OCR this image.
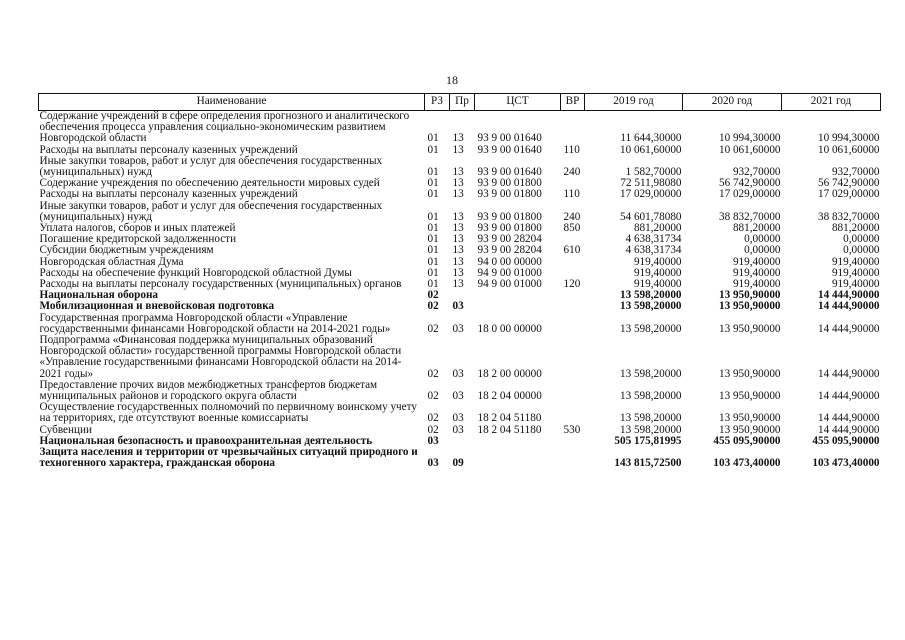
18
Наименование	РЗ	Пр	ЦСТ	ВР	2019 год	2020 год	2021 год
Содержание учреждений в сфере определения прогнозного и аналитического обеспечения процесса управления социально-экономическим развитием Новгородской области	01	13	93 9 00 01640		11 644,30000	10 994,30000	10 994,30000
Расходы на выплаты персоналу казенных учреждений	01	13	93 9 00 01640	110	10 061,60000	10 061,60000	10 061,60000
Иные закупки товаров, работ и услуг для обеспечения государственных (муниципальных) нужд	01	13	93 9 00 01640	240	1 582,70000	932,70000	932,70000
Содержание учреждения по обеспечению деятельности мировых судей	01	13	93 9 00 01800		72 511,98080	56 742,90000	56 742,90000
Расходы на выплаты персоналу казенных учреждений	01	13	93 9 00 01800	110	17 029,00000	17 029,00000	17 029,00000
Иные закупки товаров, работ и услуг для обеспечения государственных (муниципальных) нужд	01	13	93 9 00 01800	240	54 601,78080	38 832,70000	38 832,70000
Уплата налогов, сборов и иных платежей	01	13	93 9 00 01800	850	881,20000	881,20000	881,20000
Погашение кредиторской задолженности	01	13	93 9 00 28204		4 638,31734	0,00000	0,00000
Субсидии бюджетным учреждениям	01	13	93 9 00 28204	610	4 638,31734	0,00000	0,00000
Новгородская областная Дума	01	13	94 0 00 00000		919,40000	919,40000	919,40000
Расходы на обеспечение функций Новгородской областной Думы	01	13	94 9 00 01000		919,40000	919,40000	919,40000
Расходы на выплаты персоналу государственных (муниципальных) органов	01	13	94 9 00 01000	120	919,40000	919,40000	919,40000
Национальная оборона	02				13 598,20000	13 950,90000	14 444,90000
Мобилизационная и вневойсковая подготовка	02	03			13 598,20000	13 950,90000	14 444,90000
Государственная программа Новгородской области «Управление государственными финансами Новгородской области на 2014-2021 годы»	02	03	18 0 00 00000		13 598,20000	13 950,90000	14 444,90000
Подпрограмма «Финансовая поддержка муниципальных образований Новгородской области» государственной программы Новгородской области «Управление государственными финансами Новгородской области на 2014-2021 годы»	02	03	18 2 00 00000		13 598,20000	13 950,90000	14 444,90000
Предоставление прочих видов межбюджетных трансфертов бюджетам муниципальных районов и городского округа области	02	03	18 2 04 00000		13 598,20000	13 950,90000	14 444,90000
Осуществление государственных полномочий по первичному воинскому учету на территориях, где отсутствуют военные комиссариаты	02	03	18 2 04 51180		13 598,20000	13 950,90000	14 444,90000
Субвенции	02	03	18 2 04 51180	530	13 598,20000	13 950,90000	14 444,90000
Национальная безопасность и правоохранительная деятельность	03				505 175,81995	455 095,90000	455 095,90000
Защита населения и территории от чрезвычайных ситуаций природного и техногенного характера, гражданская оборона	03	09			143 815,72500	103 473,40000	103 473,40000
